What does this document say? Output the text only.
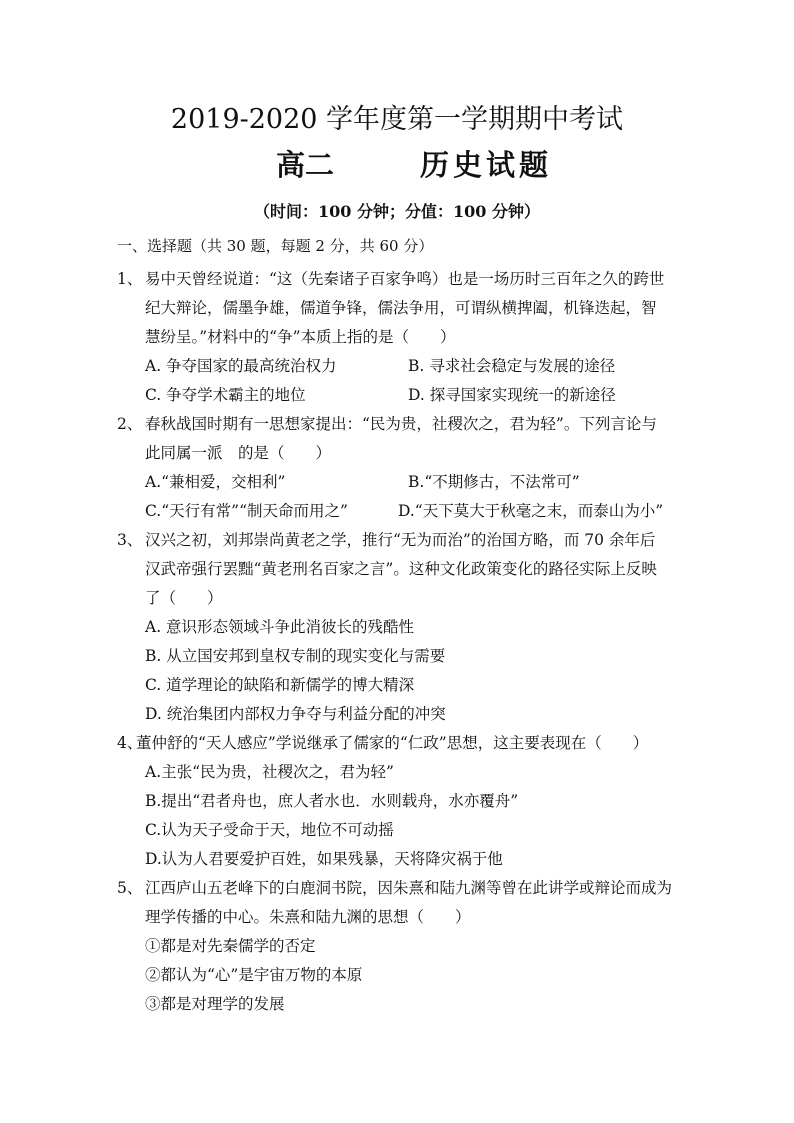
2019-2020 学年度第一学期期中考试
高二	历史试题
（时间：100 分钟；分值：100 分钟）
一、选择题（共 30 题，每题 2 分，共 60 分）
1、 易中天曾经说道：“这（先秦诸子百家争鸣）也是一场历时三百年之久的跨世
纪大辩论，儒墨争雄，儒道争锋，儒法争用，可谓纵横捭阖，机锋迭起，智
慧纷呈。”材料中的“争”本质上指的是（　　）
A. 争夺国家的最高统治权力	B. 寻求社会稳定与发展的途径
C. 争夺学术霸主的地位	D. 探寻国家实现统一的新途径
2、 春秋战国时期有一思想家提出：“民为贵，社稷次之，君为轻”。下列言论与
此同属一派　的是（　　）
A.“兼相爱，交相利”	B.“不期修古，不法常可”
C.“天行有常”“制天命而用之”	D.“天下莫大于秋毫之末，而泰山为小”
3、 汉兴之初，刘邦崇尚黄老之学，推行“无为而治”的治国方略，而 70 余年后
汉武帝强行罢黜“黄老刑名百家之言”。这种文化政策变化的路径实际上反映
了（　　）
A. 意识形态领域斗争此消彼长的残酷性
B. 从立国安邦到皇权专制的现实变化与需要
C. 道学理论的缺陷和新儒学的博大精深
D. 统治集团内部权力争夺与利益分配的冲突
4、
董仲舒的“天人感应”学说继承了儒家的“仁政”思想，这主要表现在（　　）
A.主张“民为贵，社稷次之，君为轻”
B.提出“君者舟也，庶人者水也．水则载舟，水亦覆舟”
C.认为天子受命于天，地位不可动摇
D.认为人君要爱护百姓，如果残暴，天将降灾祸于他
5、 江西庐山五老峰下的白鹿洞书院，因朱熹和陆九渊等曾在此讲学或辩论而成为
理学传播的中心。朱熹和陆九渊的思想（　　）
①都是对先秦儒学的否定
②都认为“心”是宇宙万物的本原
③都是对理学的发展
